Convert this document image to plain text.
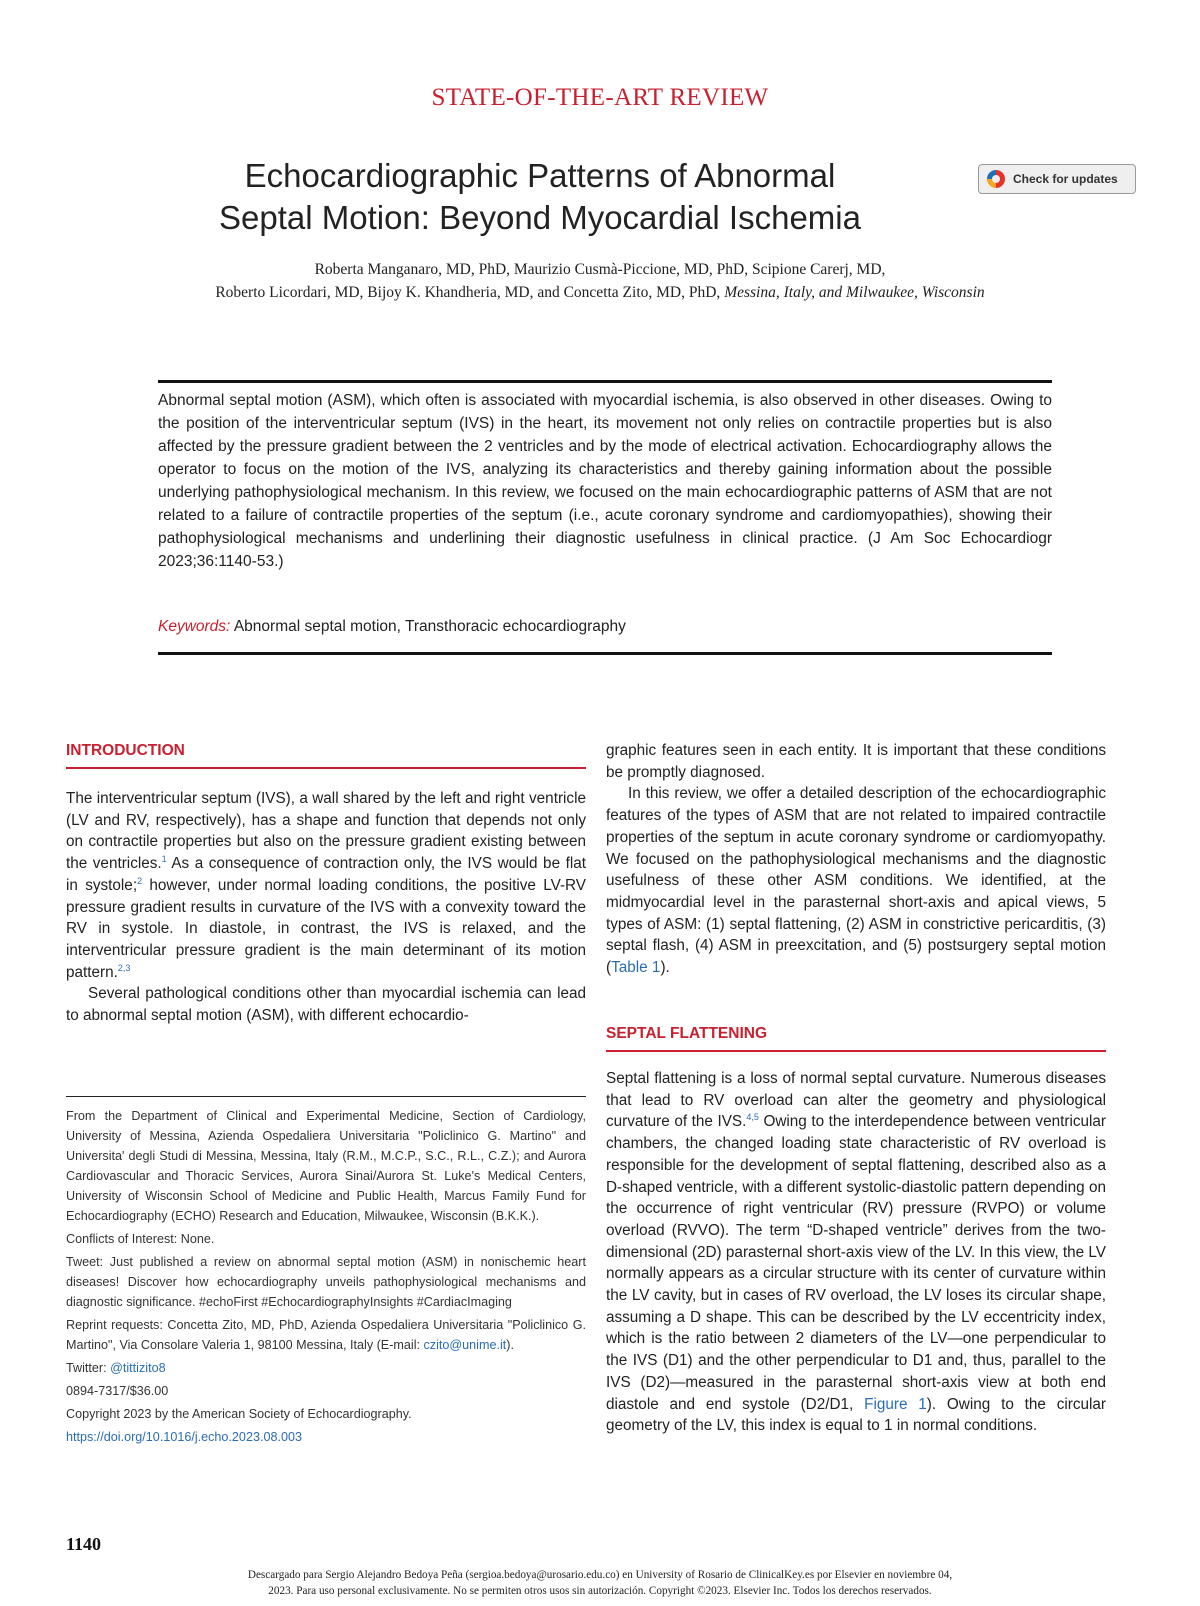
STATE-OF-THE-ART REVIEW
Echocardiographic Patterns of Abnormal
Septal Motion: Beyond Myocardial Ischemia
Check for updates
Roberta Manganaro, MD, PhD, Maurizio Cusmà-Piccione, MD, PhD, Scipione Carerj, MD,
Roberto Licordari, MD, Bijoy K. Khandheria, MD, and Concetta Zito, MD, PhD, Messina, Italy, and Milwaukee, Wisconsin
Abnormal septal motion (ASM), which often is associated with myocardial ischemia, is also observed in other diseases. Owing to the position of the interventricular septum (IVS) in the heart, its movement not only relies on contractile properties but is also affected by the pressure gradient between the 2 ventricles and by the mode of electrical activation. Echocardiography allows the operator to focus on the motion of the IVS, analyzing its characteristics and thereby gaining information about the possible underlying pathophysiological mechanism. In this review, we focused on the main echocardiographic patterns of ASM that are not related to a failure of contractile properties of the septum (i.e., acute coronary syndrome and cardiomyopathies), showing their pathophysiological mechanisms and underlining their diagnostic usefulness in clinical practice. (J Am Soc Echocardiogr 2023;36:1140-53.)
Keywords: Abnormal septal motion, Transthoracic echocardiography
INTRODUCTION

The interventricular septum (IVS), a wall shared by the left and right ventricle (LV and RV, respectively), has a shape and function that depends not only on contractile properties but also on the pressure gradient existing between the ventricles.$^1$ As a consequence of contraction only, the IVS would be flat in systole;$^2$ however, under normal loading conditions, the positive LV-RV pressure gradient results in curvature of the IVS with a convexity toward the RV in systole. In diastole, in contrast, the IVS is relaxed, and the interventricular pressure gradient is the main determinant of its motion pattern.$^{2,3}$

Several pathological conditions other than myocardial ischemia can lead to abnormal septal motion (ASM), with different echocardio-

From the Department of Clinical and Experimental Medicine, Section of Cardiology, University of Messina, Azienda Ospedaliera Universitaria "Policlinico G. Martino" and Universita' degli Studi di Messina, Messina, Italy (R.M., M.C.P., S.C., R.L., C.Z.); and Aurora Cardiovascular and Thoracic Services, Aurora Sinai/Aurora St. Luke's Medical Centers, University of Wisconsin School of Medicine and Public Health, Marcus Family Fund for Echocardiography (ECHO) Research and Education, Milwaukee, Wisconsin (B.K.K.).

Conflicts of Interest: None.

Tweet: Just published a review on abnormal septal motion (ASM) in nonischemic heart diseases! Discover how echocardiography unveils pathophysiological mechanisms and diagnostic significance. #echoFirst #EchocardiographyInsights #CardiacImaging

Reprint requests: Concetta Zito, MD, PhD, Azienda Ospedaliera Universitaria "Policlinico G. Martino", Via Consolare Valeria 1, 98100 Messina, Italy (E-mail: czito@unime.it).

Twitter: @tittizito8

0894-7317/$36.00

Copyright 2023 by the American Society of Echocardiography.

https://doi.org/10.1016/j.echo.2023.08.003

1140

graphic features seen in each entity. It is important that these conditions be promptly diagnosed.

In this review, we offer a detailed description of the echocardiographic features of the types of ASM that are not related to impaired contractile properties of the septum in acute coronary syndrome or cardiomyopathy. We focused on the pathophysiological mechanisms and the diagnostic usefulness of these other ASM conditions. We identified, at the midmyocardial level in the parasternal short-axis and apical views, 5 types of ASM: (1) septal flattening, (2) ASM in constrictive pericarditis, (3) septal flash, (4) ASM in preexcitation, and (5) postsurgery septal motion (Table 1).

SEPTAL FLATTENING

Septal flattening is a loss of normal septal curvature. Numerous diseases that lead to RV overload can alter the geometry and physiological curvature of the IVS.$^{4,5}$ Owing to the interdependence between ventricular chambers, the changed loading state characteristic of RV overload is responsible for the development of septal flattening, described also as a D-shaped ventricle, with a different systolic-diastolic pattern depending on the occurrence of right ventricular (RV) pressure (RVPO) or volume overload (RVVO). The term “D-shaped ventricle” derives from the two-dimensional (2D) parasternal short-axis view of the LV. In this view, the LV normally appears as a circular structure with its center of curvature within the LV cavity, but in cases of RV overload, the LV loses its circular shape, assuming a D shape. This can be described by the LV eccentricity index, which is the ratio between 2 diameters of the LV—one perpendicular to the IVS (D1) and the other perpendicular to D1 and, thus, parallel to the IVS (D2)—measured in the parasternal short-axis view at both end diastole and end systole (D2/D1, Figure 1). Owing to the circular geometry of the LV, this index is equal to 1 in normal conditions.

Descargado para Sergio Alejandro Bedoya Peña (sergioa.bedoya@urosario.edu.co) en University of Rosario de ClinicalKey.es por Elsevier en noviembre 04,
2023. Para uso personal exclusivamente. No se permiten otros usos sin autorización. Copyright ©2023. Elsevier Inc. Todos los derechos reservados.
